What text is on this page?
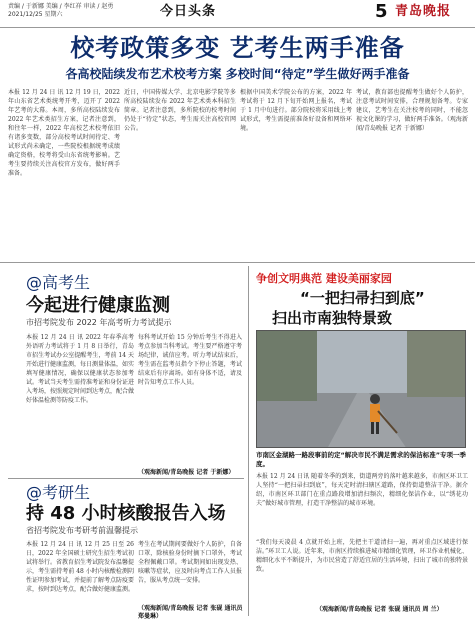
责编 / 于新娜 美编 / 李红祥 审读 / 赵勇
2021/12/25 星期六	今日头条	5 青岛晚报
校考政策多变 艺考生两手准备
各高校陆续发布艺术校考方案 多校时间“待定”学生做好两手准备
本报 12 月 24 日 讯 12 月 19 日，2022 年山东省艺术类统考开考，迈开了 2022 年艺考的大幕。本周，多所高校陆续发布 2022 年艺术类招生方案，记者注意到，和往年一样，2022 年高校艺术校考依旧有诸多变数，部分高校考试时间待定、考试形式尚未确定，一些院校根据统考成绩确定资格，校考将受山东省统考影响。艺考生要持续关注高校官方发布，做好两手准备。
近日，中国传媒大学、北京电影学院等多所高校陆续发布 2022 年艺术类本科招生简章。记者注意到，多所院校的校考时间仍处于“待定”状态，考生需关注高校官网公告。
根据中国美术学院公布的方案，2022 年考试将于 12 月下旬开始网上报名，考试于 1 月中旬进行。部分院校将采用线上考试形式，考生需提前准备好设备和网络环境。
考试，教育部也提醒考生做好个人防护，注意考试时间安排，合理规划备考。专家建议，艺考生在关注校考的同时，不能忽视文化课的学习，做好两手准备。（观海新闻/青岛晚报 记者 于新娜）
@高考生
今起进行健康监测
市招考院发布 2022 年高考听力考试提示
本报 12 月 24 日 讯 2022 年春季高考外语听力考试将于 1 月 8 日举行，青岛市招生考试办公室提醒考生，考前 14 天开始进行健康监测，每日测量体温，如实填写健康情况，确保以健康状态参加考试。考试当天考生需持准考证和身份证进入考场，按照规定时间到达考点，配合做好体温检测等防疫工作。
每科考试开始 15 分钟后考生不得进入考点参加当科考试。考生要严格遵守考场纪律，诚信应考。听力考试结束后，考生需在监考员指令下停止答题，考试结束后有序离场。如有身体不适，请及时告知考点工作人员。
（观海新闻/青岛晚报 记者 于新娜）
@考研生
持 48 小时核酸报告入场
省招考院发布考研考前温馨提示
本报 12 月 24 日 讯 12 月 25 日至 26 日，2022 年全国硕士研究生招生考试初试将举行。省教育招生考试院发布温馨提示，考生需持考前 48 小时内核酸检测阴性证明参加考试，并提前了解考点防疫要求，按时到达考点，配合做好健康监测。
考生在考试期间要做好个人防护，自备口罩，除核验身份时摘下口罩外，考试全程佩戴口罩。考试期间如出现发热、咳嗽等症状，应及时向考点工作人员报告，服从考点统一安排。
（观海新闻/青岛晚报 记者 张砚 通讯员 郑曼琳）
争创文明典范 建设美丽家园
“一把扫帚扫到底”
扫出市南独特景致
市南区金湖路一路段事前的定“解决市民不满足需求的保洁标准”专项一季度。
本报 12 月 24 日讯 随着冬季的到来，街道两旁的落叶越来越多，市南区环卫工人坚持“一把扫帚扫到底”，每天定时清扫辖区道路，保持街道整洁干净。据介绍，市南区环卫部门在重点路段增加清扫频次，精细化保洁作业，以“绣花功夫”做好城市管理，打造干净整洁的城市环境。
“我们每天凌晨 4 点就开始上班，先把主干道清扫一遍，再对重点区域进行保洁。”环卫工人说。近年来，市南区持续推进城市精细化管理，环卫作业机械化、精细化水平不断提升，为市民营造了舒适宜居的生活环境，扫出了城市的独特景致。
（观海新闻/青岛晚报 记者 张砚 通讯员 周 兰）
